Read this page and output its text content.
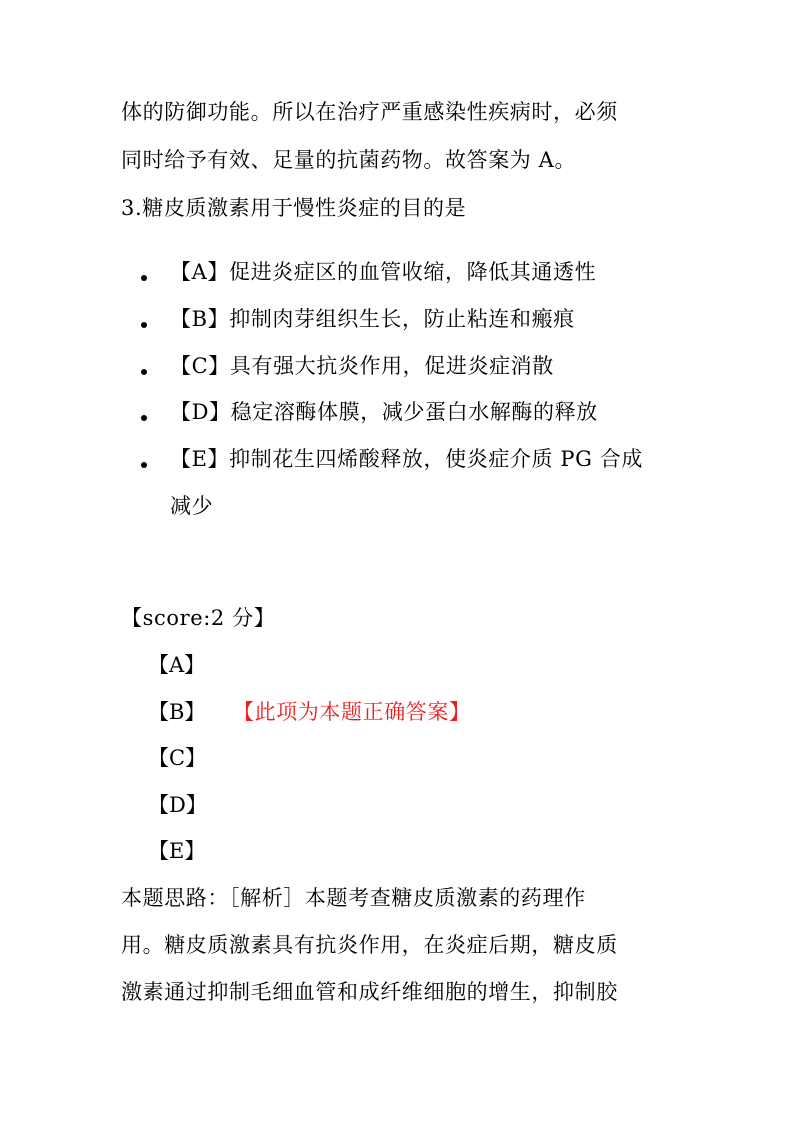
体的防御功能。所以在治疗严重感染性疾病时，必须
同时给予有效、足量的抗菌药物。故答案为 A。
3.糖皮质激素用于慢性炎症的目的是
【A】促进炎症区的血管收缩，降低其通透性
【B】抑制肉芽组织生长，防止粘连和瘢痕
【C】具有强大抗炎作用，促进炎症消散
【D】稳定溶酶体膜，减少蛋白水解酶的释放
【E】抑制花生四烯酸释放，使炎症介质 PG 合成
减少
【score:2 分】
【A】
【B】 【此项为本题正确答案】
【C】
【D】
【E】
本题思路：［解析］本题考查糖皮质激素的药理作
用。糖皮质激素具有抗炎作用，在炎症后期，糖皮质
激素通过抑制毛细血管和成纤维细胞的增生，抑制胶
